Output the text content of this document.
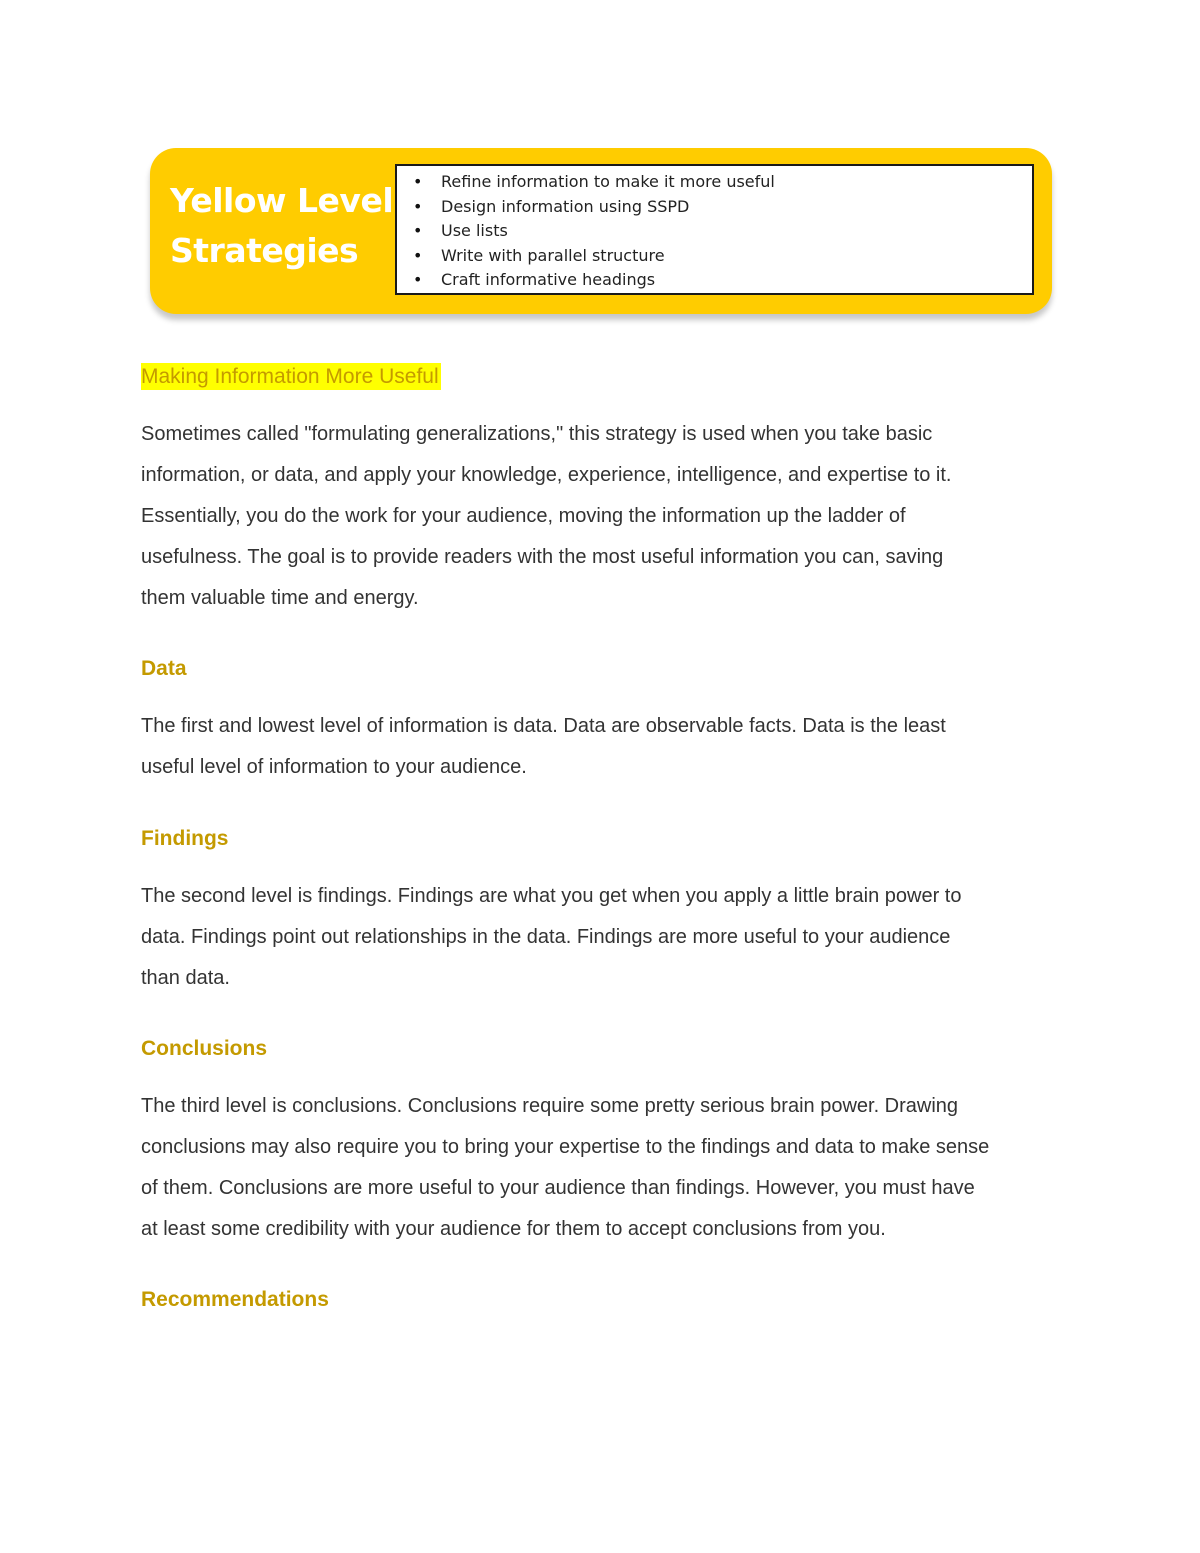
Yellow Level
Strategies
• Refine information to make it more useful
• Design information using SSPD
• Use lists
• Write with parallel structure
• Craft informative headings
Making Information More Useful

Sometimes called "formulating generalizations," this strategy is used when you take basic

information, or data, and apply your knowledge, experience, intelligence, and expertise to it.

Essentially, you do the work for your audience, moving the information up the ladder of

usefulness. The goal is to provide readers with the most useful information you can, saving

them valuable time and energy.

Data

The first and lowest level of information is data. Data are observable facts. Data is the least

useful level of information to your audience.

Findings

The second level is findings. Findings are what you get when you apply a little brain power to

data. Findings point out relationships in the data. Findings are more useful to your audience

than data.

Conclusions

The third level is conclusions. Conclusions require some pretty serious brain power. Drawing

conclusions may also require you to bring your expertise to the findings and data to make sense

of them. Conclusions are more useful to your audience than findings. However, you must have

at least some credibility with your audience for them to accept conclusions from you.

Recommendations
